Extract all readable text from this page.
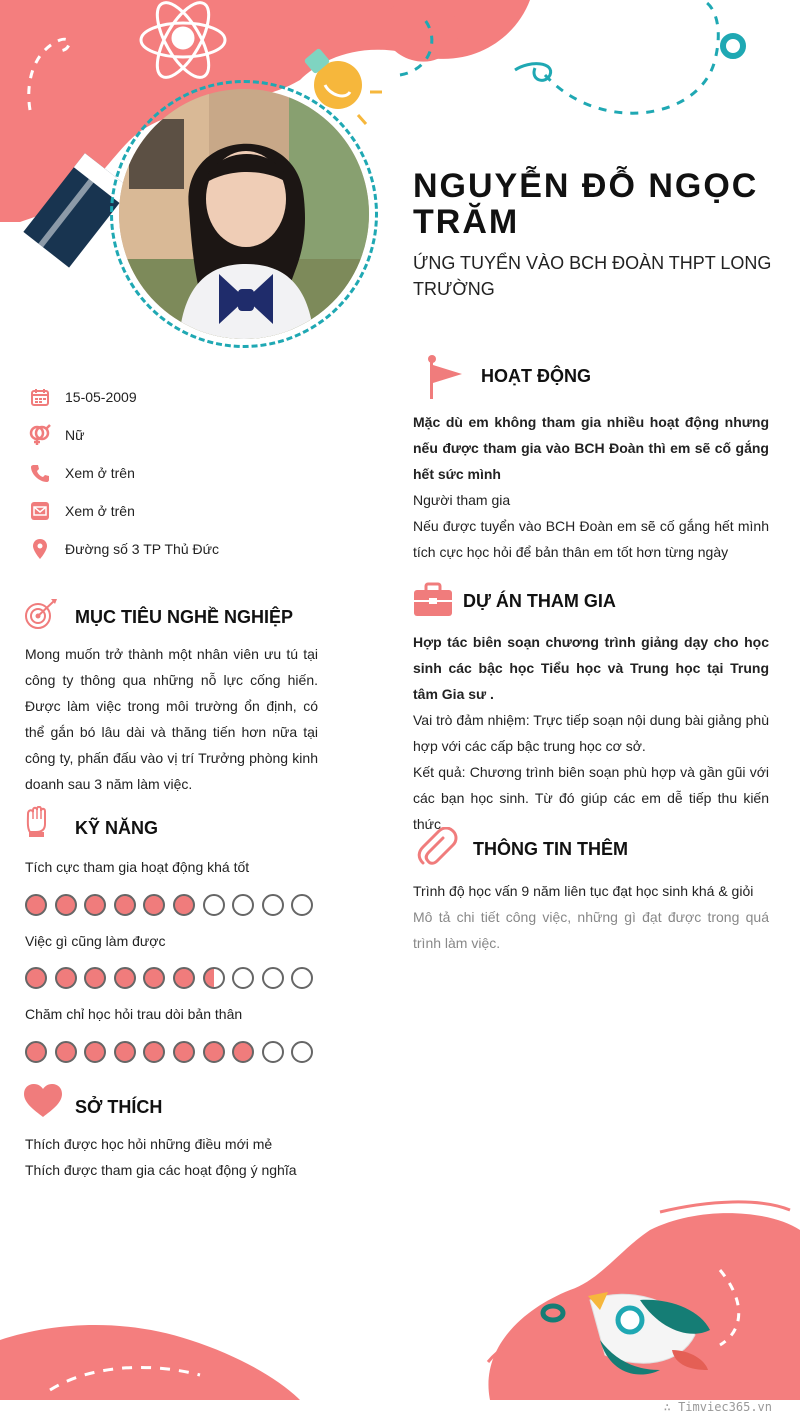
NGUYỄN ĐỖ NGỌC TRĂM
ỨNG TUYỂN VÀO BCH ĐOÀN THPT LONG TRƯỜNG
15-05-2009
Nữ
Xem ở trên
Xem ở trên
Đường số 3 TP Thủ Đức
MỤC TIÊU NGHỀ NGHIỆP
Mong muốn trở thành một nhân viên ưu tú tại công ty thông qua những nỗ lực cống hiến. Được làm việc trong môi trường ổn định, có thể gắn bó lâu dài và thăng tiến hơn nữa tại công ty, phấn đấu vào vị trí Trưởng phòng kinh doanh sau 3 năm làm việc.
KỸ NĂNG
Tích cực tham gia hoạt động khá tốt
Việc gì cũng làm được
Chăm chỉ học hỏi trau dòi bản thân
SỞ THÍCH

Thích được học hỏi những điều mới mẻ

Thích được tham gia các hoạt động ý nghĩa

HOẠT ĐỘNG

Mặc dù em không tham gia nhiều hoạt động nhưng nếu được tham gia vào BCH Đoàn thì em sẽ cố gắng hết sức mình

Người tham gia

Nếu được tuyển vào BCH Đoàn em sẽ cố gắng hết mình tích cực học hỏi để bản thân em tốt hơn từng ngày

DỰ ÁN THAM GIA

Hợp tác biên soạn chương trình giảng dạy cho học sinh các bậc học Tiểu học và Trung học tại Trung tâm Gia sư .

Vai trò đảm nhiệm: Trực tiếp soạn nội dung bài giảng phù hợp với các cấp bậc trung học cơ sở.

Kết quả: Chương trình biên soạn phù hợp và gần gũi với các bạn học sinh. Từ đó giúp các em dễ tiếp thu kiến thức.

THÔNG TIN THÊM

Trình độ học vấn 9 năm liên tục đạt học sinh khá & giỏi

Mô tả chi tiết công việc, những gì đạt được trong quá trình làm việc.

∴ Timviec365.vn
